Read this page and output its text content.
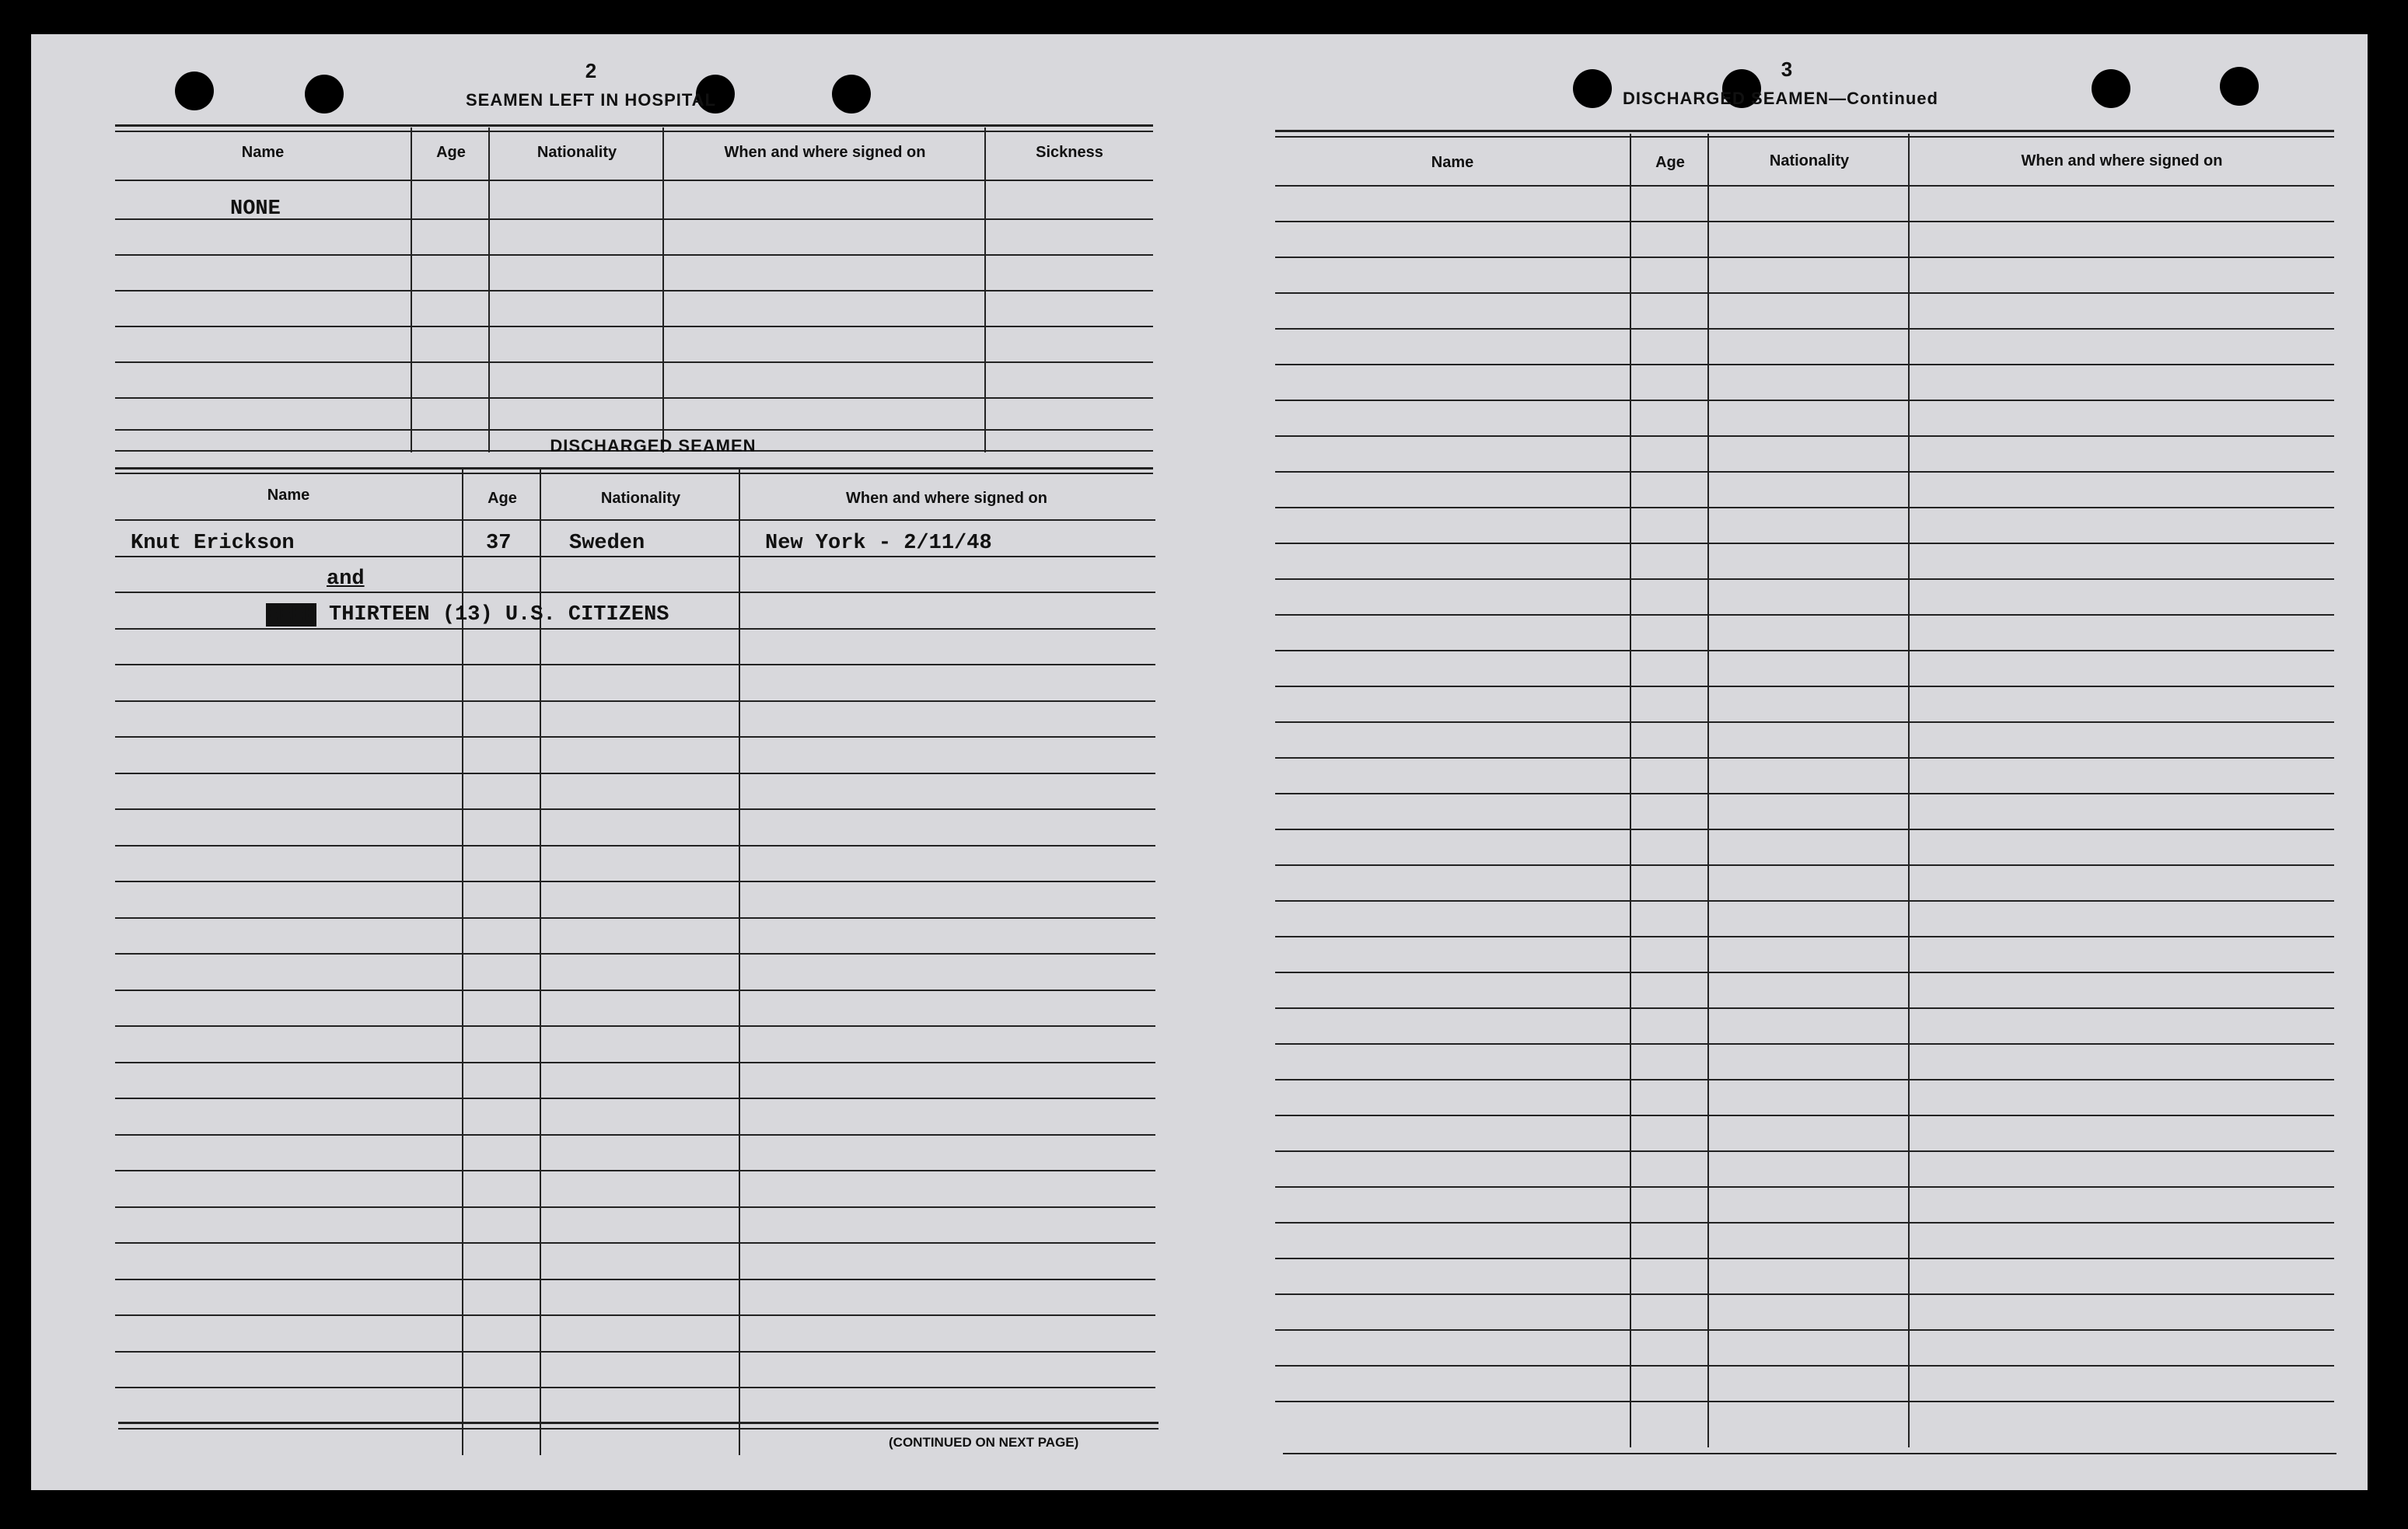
2
SEAMEN LEFT IN HOSPITAL
Name	Age	Nationality	When and where signed on	Sickness
NONE
DISCHARGED SEAMEN
Name	Age	Nationality	When and where signed on
Knut Erickson	37	Sweden	New York - 2/11/48
and
EEEE THIRTEEN (13) U.S. CITIZENS
(CONTINUED ON NEXT PAGE)
3
DISCHARGED SEAMEN—Continued
Name	Age	Nationality	When and where signed on
